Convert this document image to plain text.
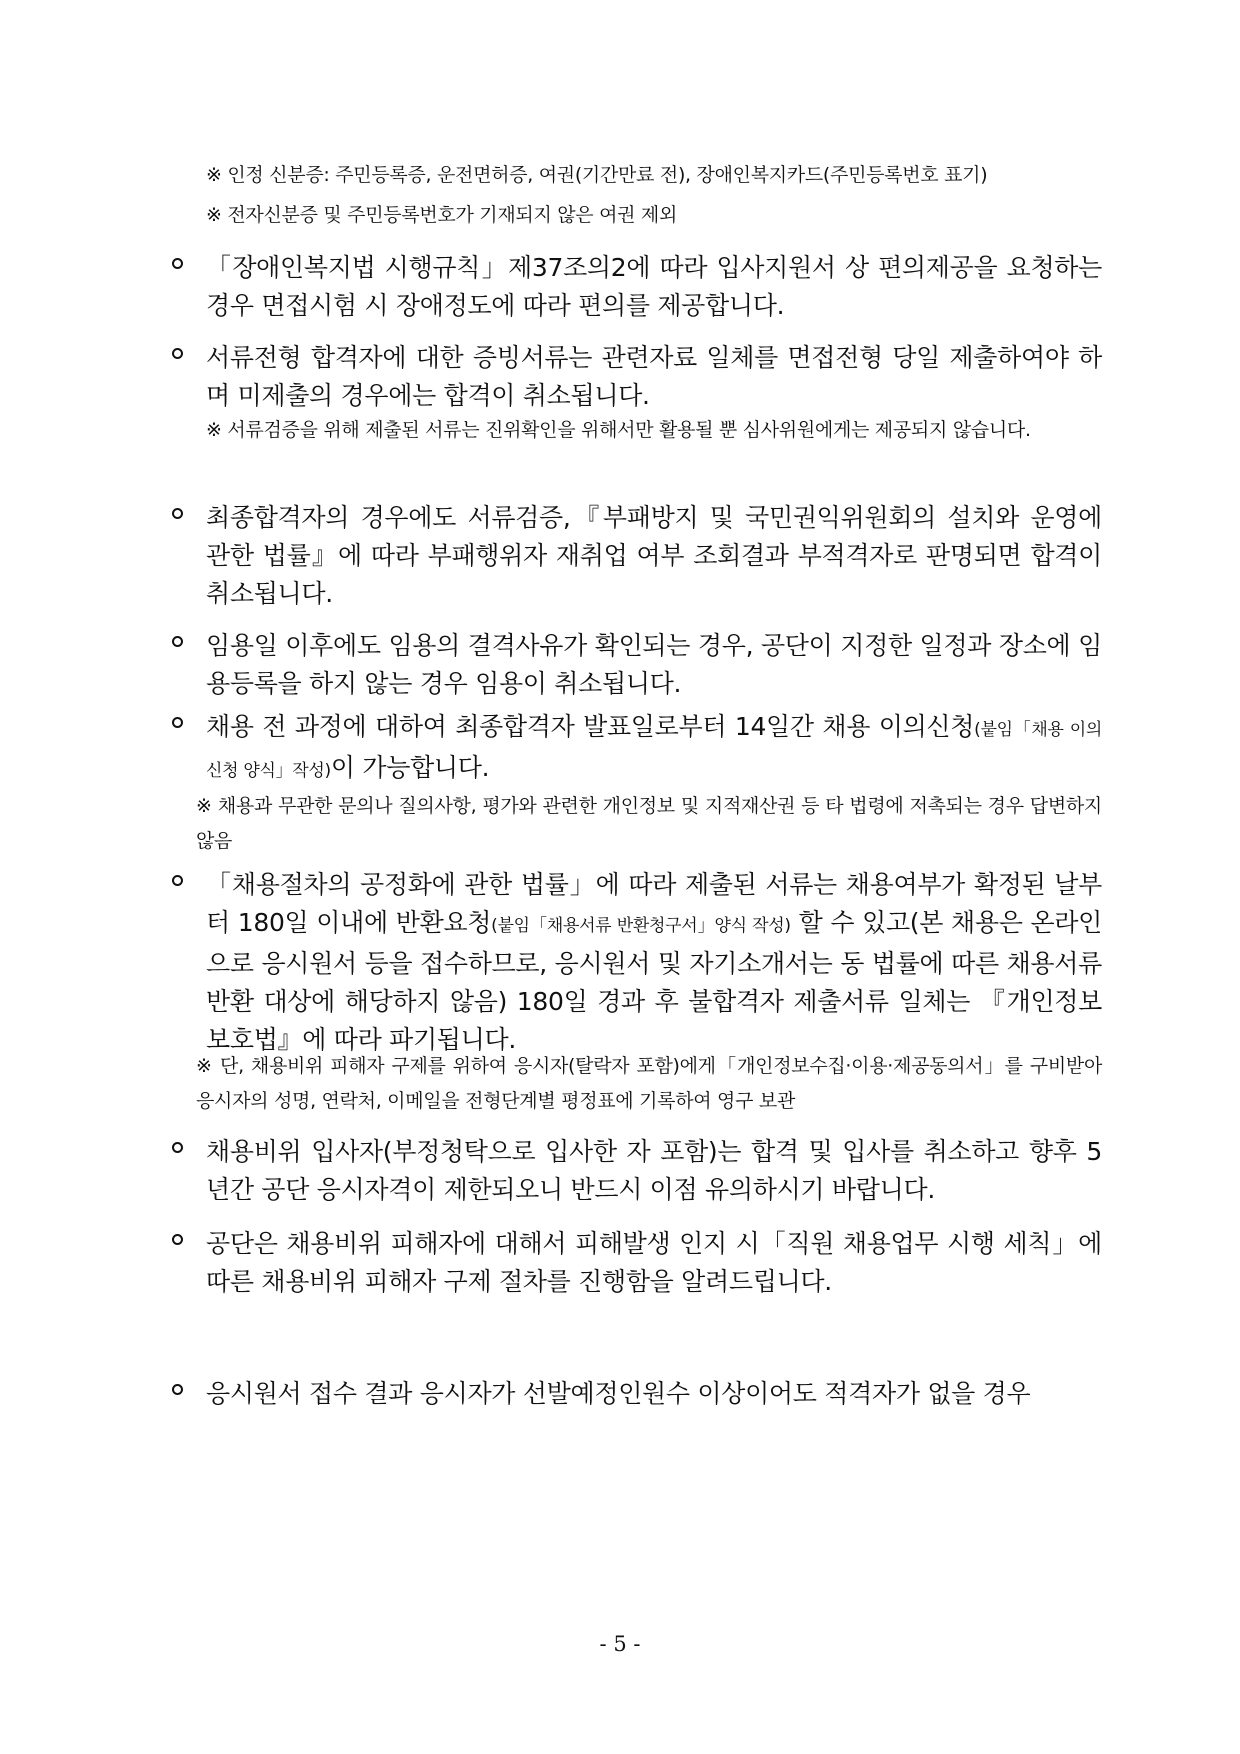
※ 인정 신분증: 주민등록증, 운전면허증, 여권(기간만료 전), 장애인복지카드(주민등록번호 표기)
※ 전자신분증 및 주민등록번호가 기재되지 않은 여권 제외
「장애인복지법 시행규칙」제37조의2에 따라 입사지원서 상 편의제공을 요청하는 경우 면접시험 시 장애정도에 따라 편의를 제공합니다.
서류전형 합격자에 대한 증빙서류는 관련자료 일체를 면접전형 당일 제출하여야 하며 미제출의 경우에는 합격이 취소됩니다.
※ 서류검증을 위해 제출된 서류는 진위확인을 위해서만 활용될 뿐 심사위원에게는 제공되지 않습니다.
최종합격자의 경우에도 서류검증,『부패방지 및 국민권익위원회의 설치와 운영에 관한 법률』에 따라 부패행위자 재취업 여부 조회결과 부적격자로 판명되면 합격이 취소됩니다.
임용일 이후에도 임용의 결격사유가 확인되는 경우, 공단이 지정한 일정과 장소에 임용등록을 하지 않는 경우 임용이 취소됩니다.
채용 전 과정에 대하여 최종합격자 발표일로부터 14일간 채용 이의신청(붙임「채용 이의신청 양식」작성)이 가능합니다.
※ 채용과 무관한 문의나 질의사항, 평가와 관련한 개인정보 및 지적재산권 등 타 법령에 저촉되는 경우 답변하지 않음
「채용절차의 공정화에 관한 법률」에 따라 제출된 서류는 채용여부가 확정된 날부터 180일 이내에 반환요청(붙임「채용서류 반환청구서」양식 작성) 할 수 있고(본 채용은 온라인으로 응시원서 등을 접수하므로, 응시원서 및 자기소개서는 동 법률에 따른 채용서류반환 대상에 해당하지 않음) 180일 경과 후 불합격자 제출서류 일체는 『개인정보보호법』에 따라 파기됩니다.
※ 단, 채용비위 피해자 구제를 위하여 응시자(탈락자 포함)에게「개인정보수집·이용·제공동의서」를 구비받아 응시자의 성명, 연락처, 이메일을 전형단계별 평정표에 기록하여 영구 보관
채용비위 입사자(부정청탁으로 입사한 자 포함)는 합격 및 입사를 취소하고 향후 5년간 공단 응시자격이 제한되오니 반드시 이점 유의하시기 바랍니다.
공단은 채용비위 피해자에 대해서 피해발생 인지 시「직원 채용업무 시행 세칙」에 따른 채용비위 피해자 구제 절차를 진행함을 알려드립니다.
응시원서 접수 결과 응시자가 선발예정인원수 이상이어도 적격자가 없을 경우
- 5 -
